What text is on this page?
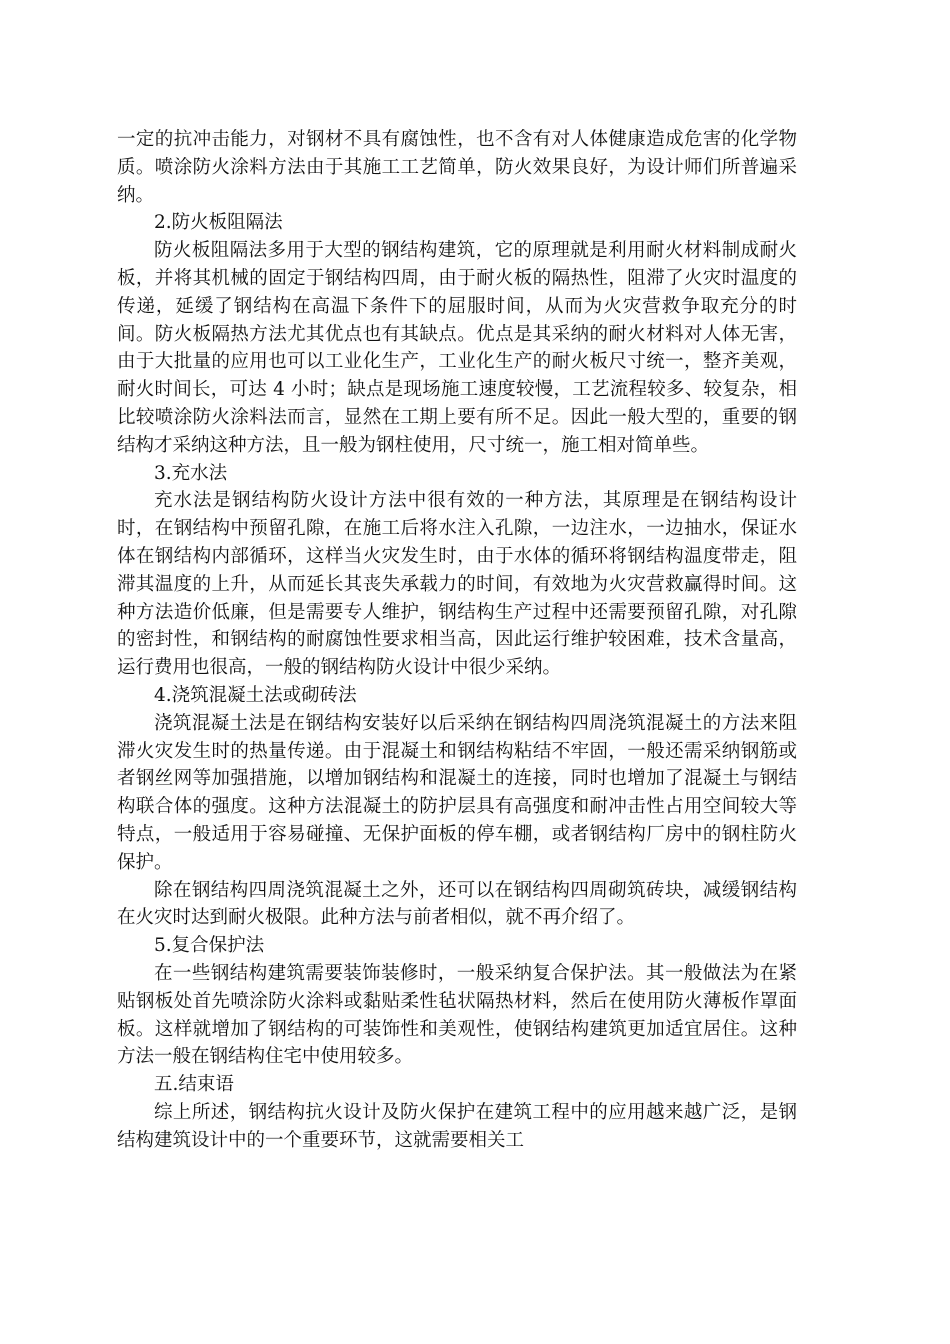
一定的抗冲击能力，对钢材不具有腐蚀性，也不含有对人体健康造成危害的化学物质。喷涂防火涂料方法由于其施工工艺简单，防火效果良好，为设计师们所普遍采纳。

2.防火板阻隔法

防火板阻隔法多用于大型的钢结构建筑，它的原理就是利用耐火材料制成耐火板，并将其机械的固定于钢结构四周，由于耐火板的隔热性，阻滞了火灾时温度的传递，延缓了钢结构在高温下条件下的屈服时间，从而为火灾营救争取充分的时间。防火板隔热方法尤其优点也有其缺点。优点是其采纳的耐火材料对人体无害，由于大批量的应用也可以工业化生产，工业化生产的耐火板尺寸统一，整齐美观，耐火时间长，可达 4 小时；缺点是现场施工速度较慢，工艺流程较多、较复杂，相比较喷涂防火涂料法而言，显然在工期上要有所不足。因此一般大型的，重要的钢结构才采纳这种方法，且一般为钢柱使用，尺寸统一，施工相对简单些。

3.充水法

充水法是钢结构防火设计方法中很有效的一种方法，其原理是在钢结构设计时，在钢结构中预留孔隙，在施工后将水注入孔隙，一边注水，一边抽水，保证水体在钢结构内部循环，这样当火灾发生时，由于水体的循环将钢结构温度带走，阻滞其温度的上升，从而延长其丧失承载力的时间，有效地为火灾营救赢得时间。这种方法造价低廉，但是需要专人维护，钢结构生产过程中还需要预留孔隙，对孔隙的密封性，和钢结构的耐腐蚀性要求相当高，因此运行维护较困难，技术含量高，运行费用也很高，一般的钢结构防火设计中很少采纳。

4.浇筑混凝土法或砌砖法

浇筑混凝土法是在钢结构安装好以后采纳在钢结构四周浇筑混凝土的方法来阻滞火灾发生时的热量传递。由于混凝土和钢结构粘结不牢固，一般还需采纳钢筋或者钢丝网等加强措施，以增加钢结构和混凝土的连接，同时也增加了混凝土与钢结构联合体的强度。这种方法混凝土的防护层具有高强度和耐冲击性占用空间较大等特点，一般适用于容易碰撞、无保护面板的停车棚，或者钢结构厂房中的钢柱防火保护。

除在钢结构四周浇筑混凝土之外，还可以在钢结构四周砌筑砖块，减缓钢结构在火灾时达到耐火极限。此种方法与前者相似，就不再介绍了。

5.复合保护法

在一些钢结构建筑需要装饰装修时，一般采纳复合保护法。其一般做法为在紧贴钢板处首先喷涂防火涂料或黏贴柔性毡状隔热材料，然后在使用防火薄板作罩面板。这样就增加了钢结构的可装饰性和美观性，使钢结构建筑更加适宜居住。这种方法一般在钢结构住宅中使用较多。

五.结束语

综上所述，钢结构抗火设计及防火保护在建筑工程中的应用越来越广泛，是钢结构建筑设计中的一个重要环节，这就需要相关工
